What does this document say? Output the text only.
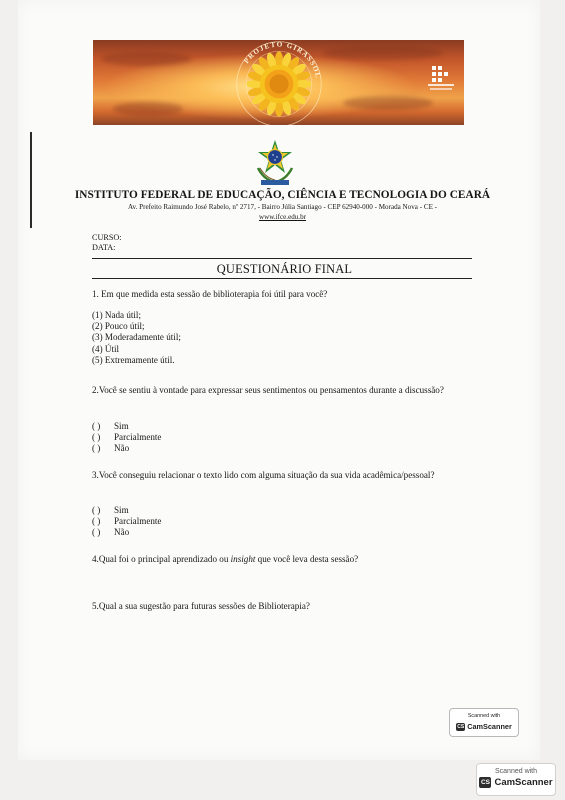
PROJETO GIRASSOL
INSTITUTO FEDERAL DE EDUCAÇÃO, CIÊNCIA E TECNOLOGIA DO CEARÁ
Av. Prefeito Raimundo José Rabelo, nº 2717, - Bairro Júlia Santiago - CEP 62940-000 - Morada Nova - CE -
www.ifce.edu.br
CURSO:
DATA:
QUESTIONÁRIO FINAL
1. Em que medida esta sessão de biblioterapia foi útil para você?
(1) Nada útil;
(2) Pouco útil;
(3) Moderadamente útil;
(4) Útil
(5) Extremamente útil.
2.Você se sentiu à vontade para expressar seus sentimentos ou pensamentos durante a discussão?
( ) Sim
( ) Parcialmente
( ) Não
3.Você conseguiu relacionar o texto lido com alguma situação da sua vida acadêmica/pessoal?
( ) Sim
( ) Parcialmente
( ) Não
4.Qual foi o principal aprendizado ou insight que você leva desta sessão?
5.Qual a sua sugestão para futuras sessões de Biblioterapia?
Scanned with
CS CamScanner
Scanned with
CS CamScanner
